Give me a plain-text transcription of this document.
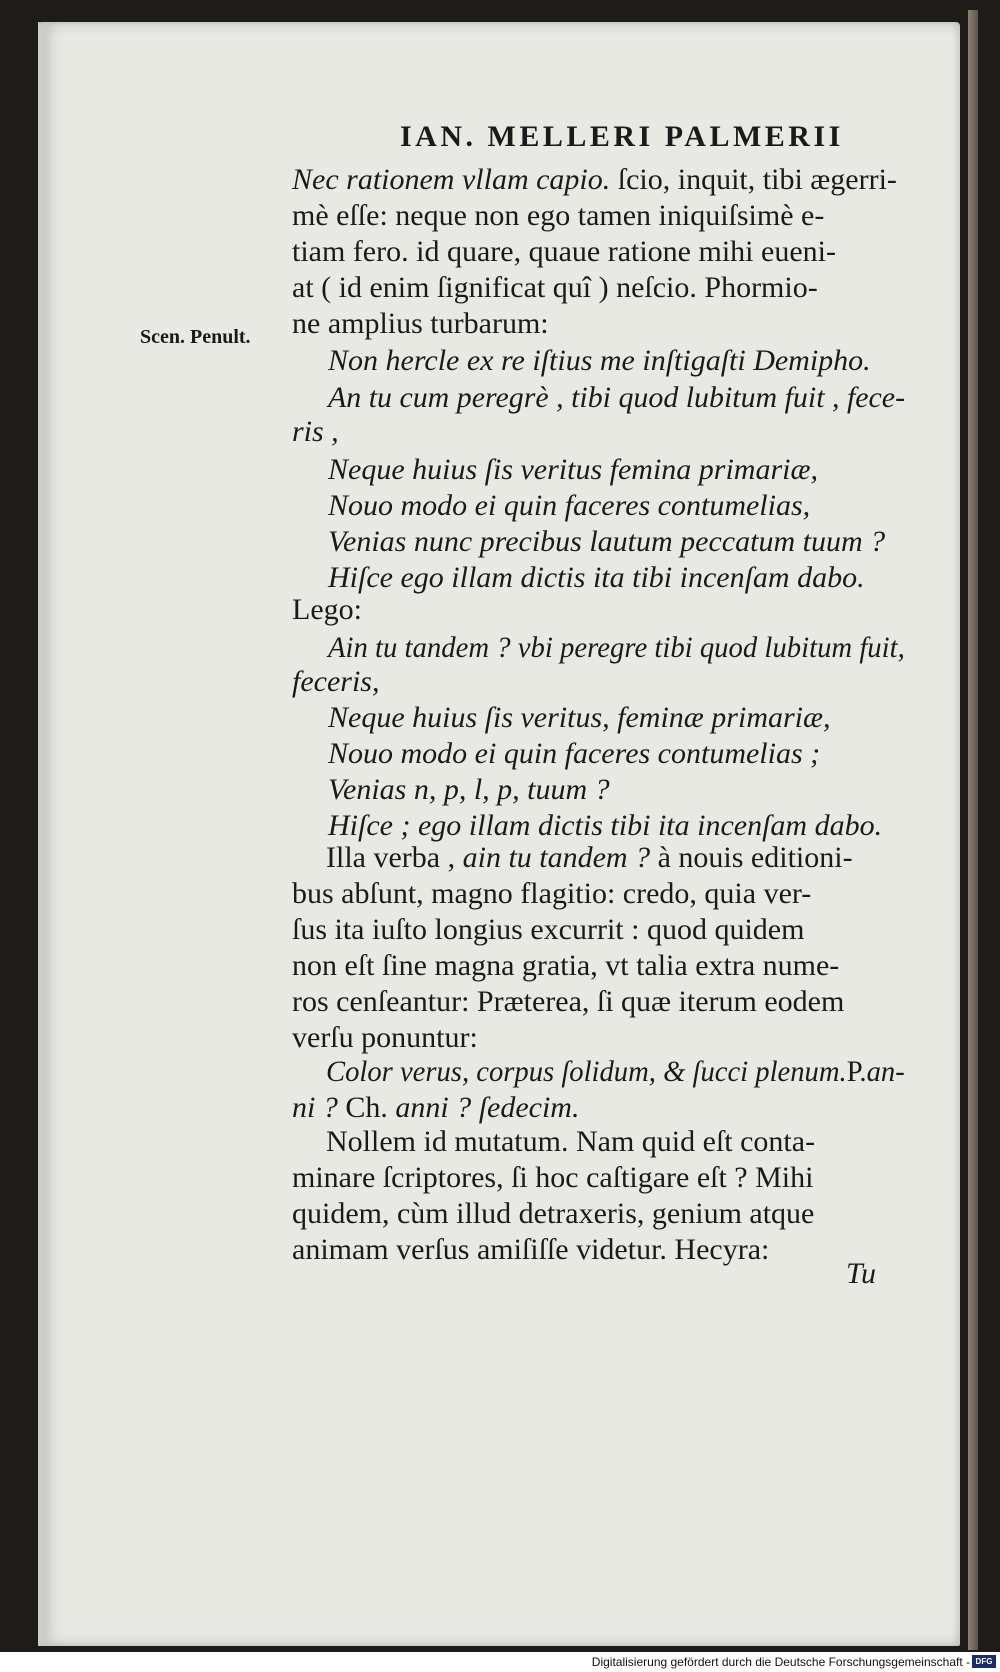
IAN. MELLERI PALMERII
Scen. Penult.
Nec rationem vllam capio. ſcio, inquit, tibi ægerri-
mè eſſe: neque non ego tamen iniquiſsimè e-
tiam fero. id quare, quaue ratione mihi eueni-
at ( id enim ſignificat quî ) neſcio. Phormio-
ne amplius turbarum:
Non hercle ex re iſtius me inſtigaſti Demipho.
An tu cum peregrè , tibi quod lubitum fuit , fece-
ris ,
Neque huius ſis veritus femina primariæ,
Nouo modo ei quin faceres contumelias,
Venias nunc precibus lautum peccatum tuum ?
Hiſce ego illam dictis ita tibi incenſam dabo.
Lego:
Ain tu tandem ? vbi peregre tibi quod lubitum fuit,
feceris,
Neque huius ſis veritus, feminæ primariæ,
Nouo modo ei quin faceres contumelias ;
Venias n, p, l, p, tuum ?
Hiſce ; ego illam dictis tibi ita incenſam dabo.
Illa verba , ain tu tandem ? à nouis editioni-
bus abſunt, magno flagitio: credo, quia ver-
ſus ita iuſto longius excurrit : quod quidem
non eſt ſine magna gratia, vt talia extra nume-
ros cenſeantur: Præterea, ſi quæ iterum eodem
verſu ponuntur:
Color verus, corpus ſolidum, & ſucci plenum.P.an-
ni ? Ch. anni ? ſedecim.
Nollem id mutatum. Nam quid eſt conta-
minare ſcriptores, ſi hoc caſtigare eſt ? Mihi
quidem, cùm illud detraxeris, genium atque
animam verſus amiſiſſe videtur. Hecyra:
Tu
Digitalisierung gefördert durch die Deutsche Forschungsgemeinschaft - DFG
